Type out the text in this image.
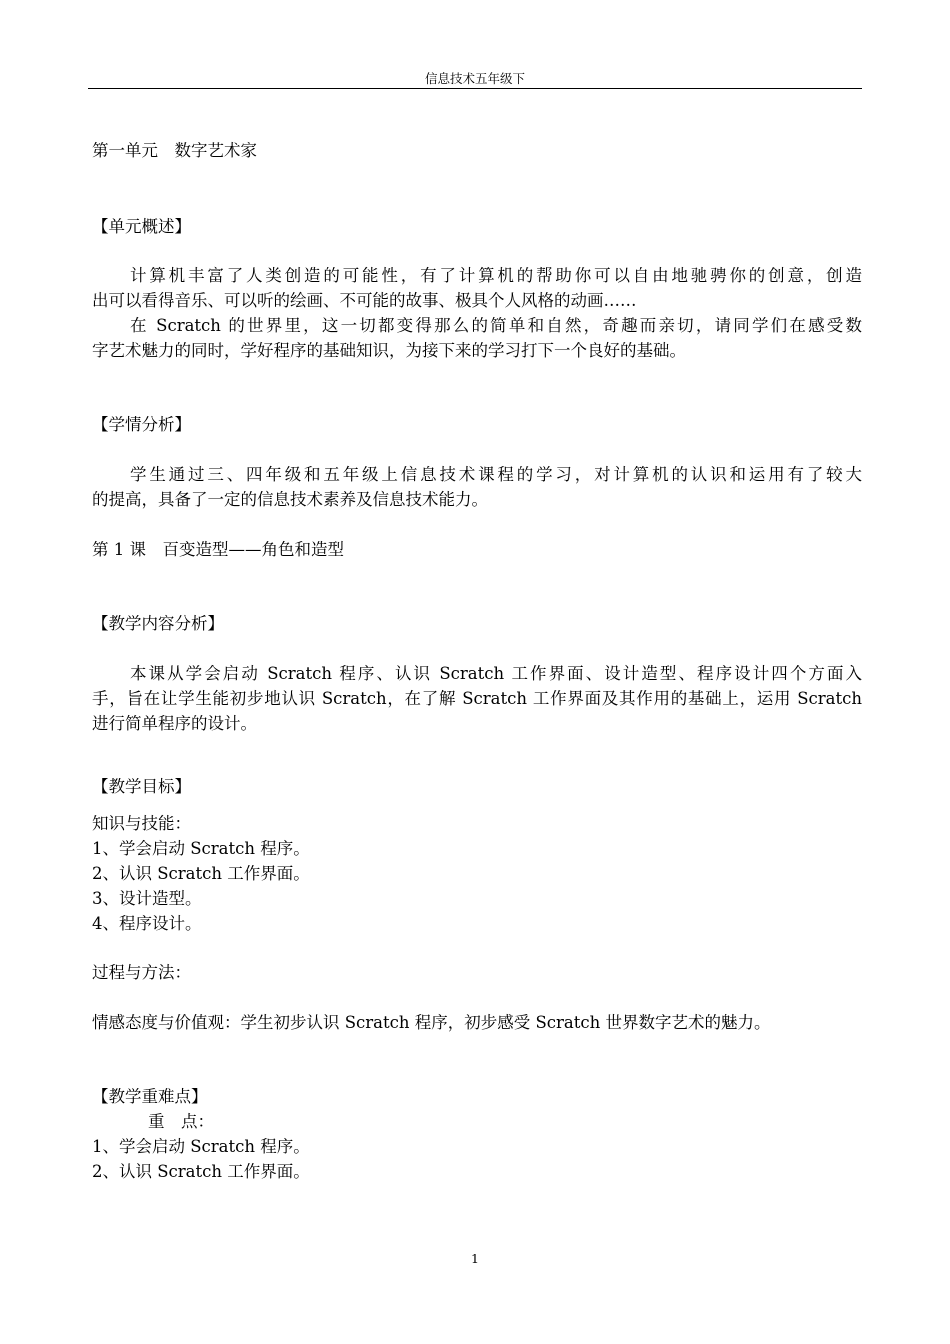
信息技术五年级下
第一单元　数字艺术家
【单元概述】
计算机丰富了人类创造的可能性，有了计算机的帮助你可以自由地驰骋你的创意，创造
出可以看得音乐、可以听的绘画、不可能的故事、极具个人风格的动画……
在 Scratch 的世界里，这一切都变得那么的简单和自然，奇趣而亲切，请同学们在感受数
字艺术魅力的同时，学好程序的基础知识，为接下来的学习打下一个良好的基础。
【学情分析】
学生通过三、四年级和五年级上信息技术课程的学习，对计算机的认识和运用有了较大
的提高，具备了一定的信息技术素养及信息技术能力。
第 1 课　百变造型——角色和造型
【教学内容分析】
本课从学会启动 Scratch 程序、认识 Scratch 工作界面、设计造型、程序设计四个方面入
手，旨在让学生能初步地认识 Scratch，在了解 Scratch 工作界面及其作用的基础上，运用 Scratch
进行简单程序的设计。
【教学目标】
知识与技能：
1、学会启动 Scratch 程序。
2、认识 Scratch 工作界面。
3、设计造型。
4、程序设计。
过程与方法：
情感态度与价值观：学生初步认识 Scratch 程序，初步感受 Scratch 世界数字艺术的魅力。
【教学重难点】
重　点：
1、学会启动 Scratch 程序。
2、认识 Scratch 工作界面。
1
